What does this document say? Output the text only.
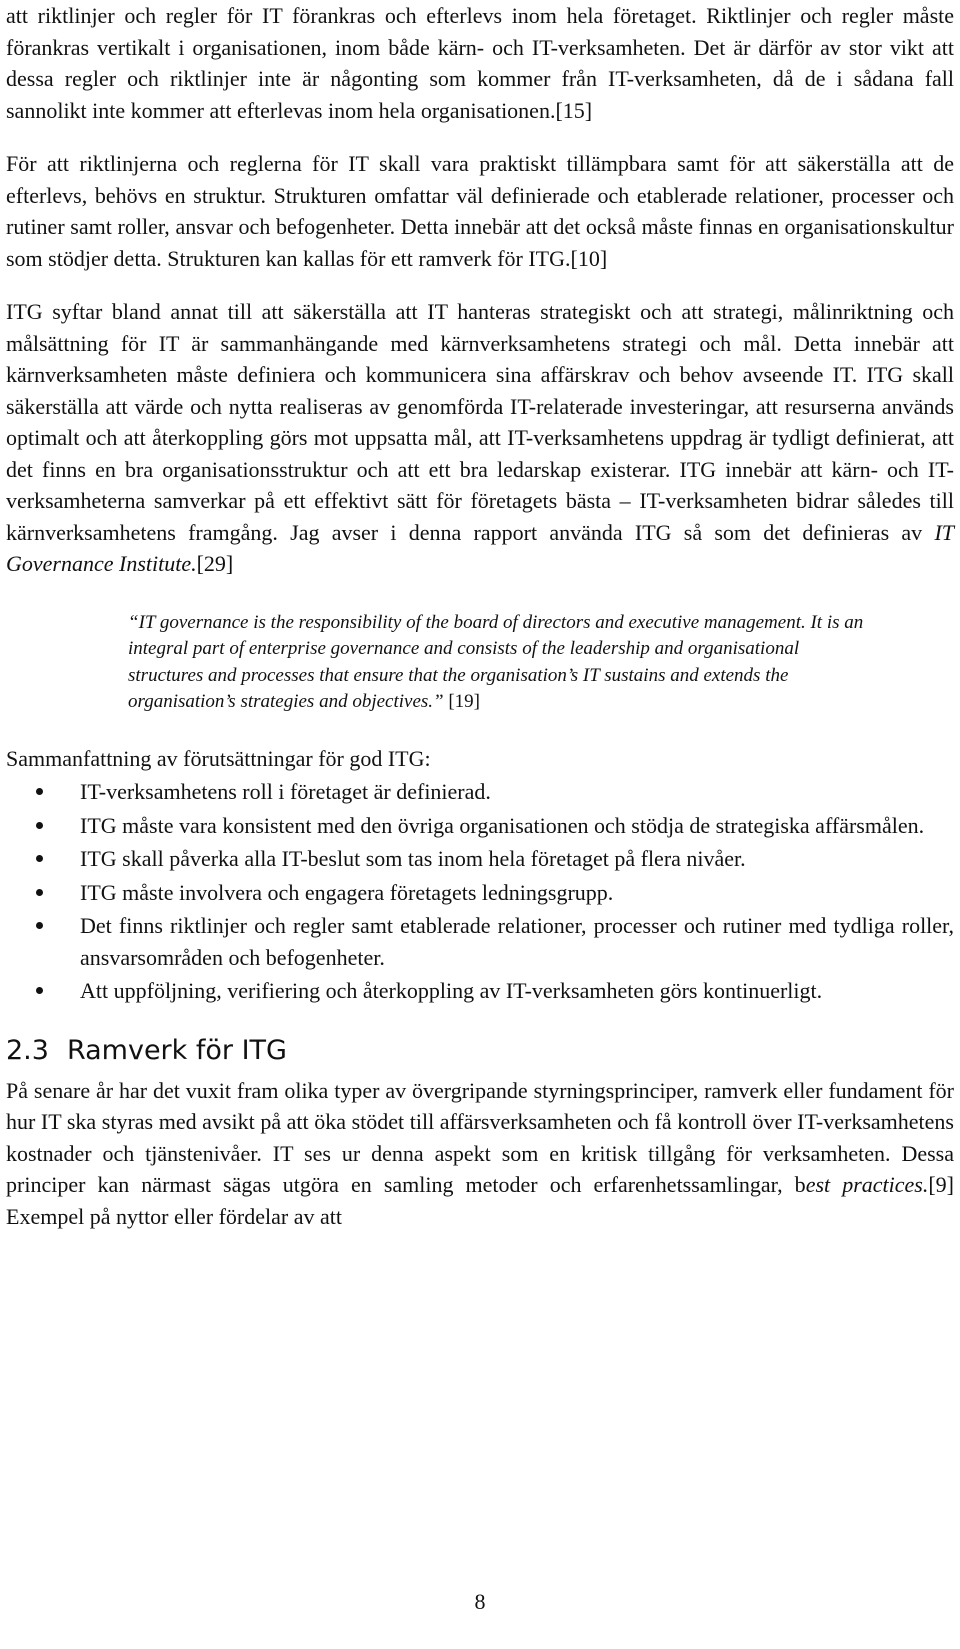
att riktlinjer och regler för IT förankras och efterlevs inom hela företaget. Riktlinjer och regler måste förankras vertikalt i organisationen, inom både kärn- och IT-verksamheten. Det är därför av stor vikt att dessa regler och riktlinjer inte är någonting som kommer från IT-verksamheten, då de i sådana fall sannolikt inte kommer att efterlevas inom hela organisationen.[15]

För att riktlinjerna och reglerna för IT skall vara praktiskt tillämpbara samt för att säkerställa att de efterlevs, behövs en struktur. Strukturen omfattar väl definierade och etablerade relationer, processer och rutiner samt roller, ansvar och befogenheter. Detta innebär att det också måste finnas en organisationskultur som stödjer detta. Strukturen kan kallas för ett ramverk för ITG.[10]

ITG syftar bland annat till att säkerställa att IT hanteras strategiskt och att strategi, målinriktning och målsättning för IT är sammanhängande med kärnverksamhetens strategi och mål. Detta innebär att kärnverksamheten måste definiera och kommunicera sina affärskrav och behov avseende IT. ITG skall säkerställa att värde och nytta realiseras av genomförda IT-relaterade investeringar, att resurserna används optimalt och att återkoppling görs mot uppsatta mål, att IT-verksamhetens uppdrag är tydligt definierat, att det finns en bra organisationsstruktur och att ett bra ledarskap existerar. ITG innebär att kärn- och IT-verksamheterna samverkar på ett effektivt sätt för företagets bästa – IT-verksamheten bidrar således till kärnverksamhetens framgång. Jag avser i denna rapport använda ITG så som det definieras av IT Governance Institute.[29]

“IT governance is the responsibility of the board of directors and executive management. It is an integral part of enterprise governance and consists of the leadership and organisational structures and processes that ensure that the organisation’s IT sustains and extends the organisation’s strategies and objectives.” [19]

Sammanfattning av förutsättningar för god ITG:

IT-verksamhetens roll i företaget är definierad.
ITG måste vara konsistent med den övriga organisationen och stödja de strategiska affärsmålen.
ITG skall påverka alla IT-beslut som tas inom hela företaget på flera nivåer.
ITG måste involvera och engagera företagets ledningsgrupp.
Det finns riktlinjer och regler samt etablerade relationer, processer och rutiner med tydliga roller, ansvarsområden och befogenheter.
Att uppföljning, verifiering och återkoppling av IT-verksamheten görs kontinuerligt.
2.3 Ramverk för ITG

På senare år har det vuxit fram olika typer av övergripande styrningsprinciper, ramverk eller fundament för hur IT ska styras med avsikt på att öka stödet till affärsverksamheten och få kontroll över IT-verksamhetens kostnader och tjänstenivåer. IT ses ur denna aspekt som en kritisk tillgång för verksamheten. Dessa principer kan närmast sägas utgöra en samling metoder och erfarenhetssamlingar, best practices.[9] Exempel på nyttor eller fördelar av att

8
